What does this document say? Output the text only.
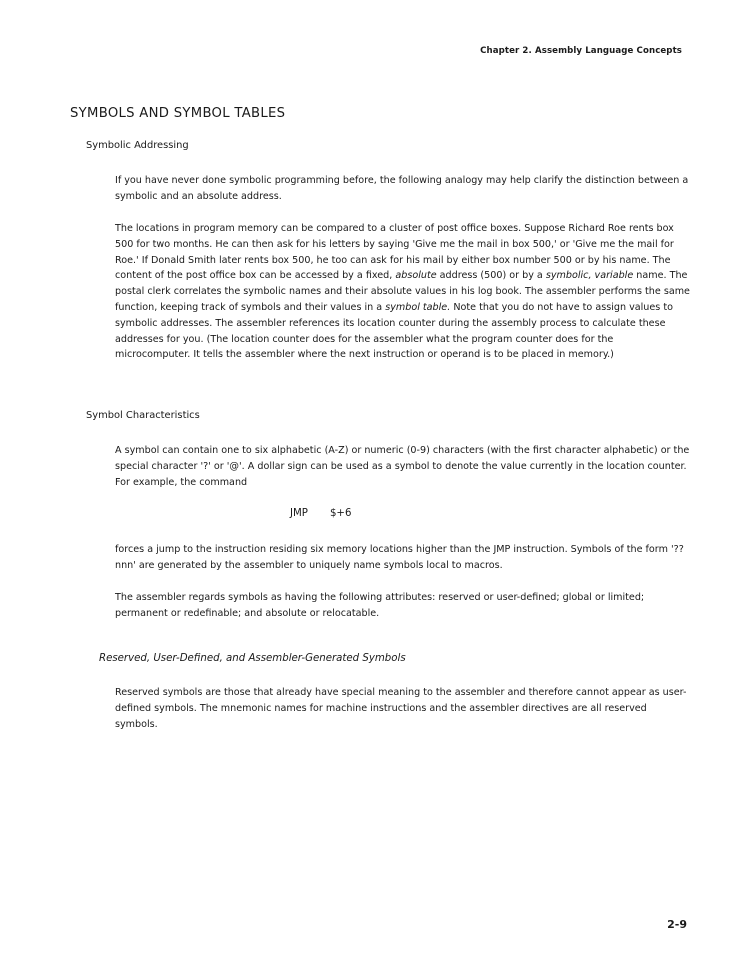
Chapter 2. Assembly Language Concepts
SYMBOLS AND SYMBOL TABLES
Symbolic Addressing

If you have never done symbolic programming before, the following analogy may help clarify the distinction between a symbolic and an absolute address.

The locations in program memory can be compared to a cluster of post office boxes. Suppose Richard Roe rents box 500 for two months. He can then ask for his letters by saying 'Give me the mail in box 500,' or 'Give me the mail for Roe.' If Donald Smith later rents box 500, he too can ask for his mail by either box number 500 or by his name. The content of the post office box can be accessed by a fixed, absolute address (500) or by a symbolic, variable name. The postal clerk correlates the symbolic names and their absolute values in his log book. The assembler performs the same function, keeping track of symbols and their values in a symbol table. Note that you do not have to assign values to symbolic addresses. The assembler references its location counter during the assembly process to calculate these addresses for you. (The location counter does for the assembler what the program counter does for the microcomputer. It tells the assembler where the next instruction or operand is to be placed in memory.)

Symbol Characteristics

A symbol can contain one to six alphabetic (A-Z) or numeric (0-9) characters (with the first character alphabetic) or the special character '?' or '@'. A dollar sign can be used as a symbol to denote the value currently in the location counter. For example, the command

JMP $+6

forces a jump to the instruction residing six memory locations higher than the JMP instruction. Symbols of the form '??nnn' are generated by the assembler to uniquely name symbols local to macros.

The assembler regards symbols as having the following attributes: reserved or user-defined; global or limited; permanent or redefinable; and absolute or relocatable.

Reserved, User-Defined, and Assembler-Generated Symbols

Reserved symbols are those that already have special meaning to the assembler and therefore cannot appear as user-defined symbols. The mnemonic names for machine instructions and the assembler directives are all reserved symbols.

2-9
